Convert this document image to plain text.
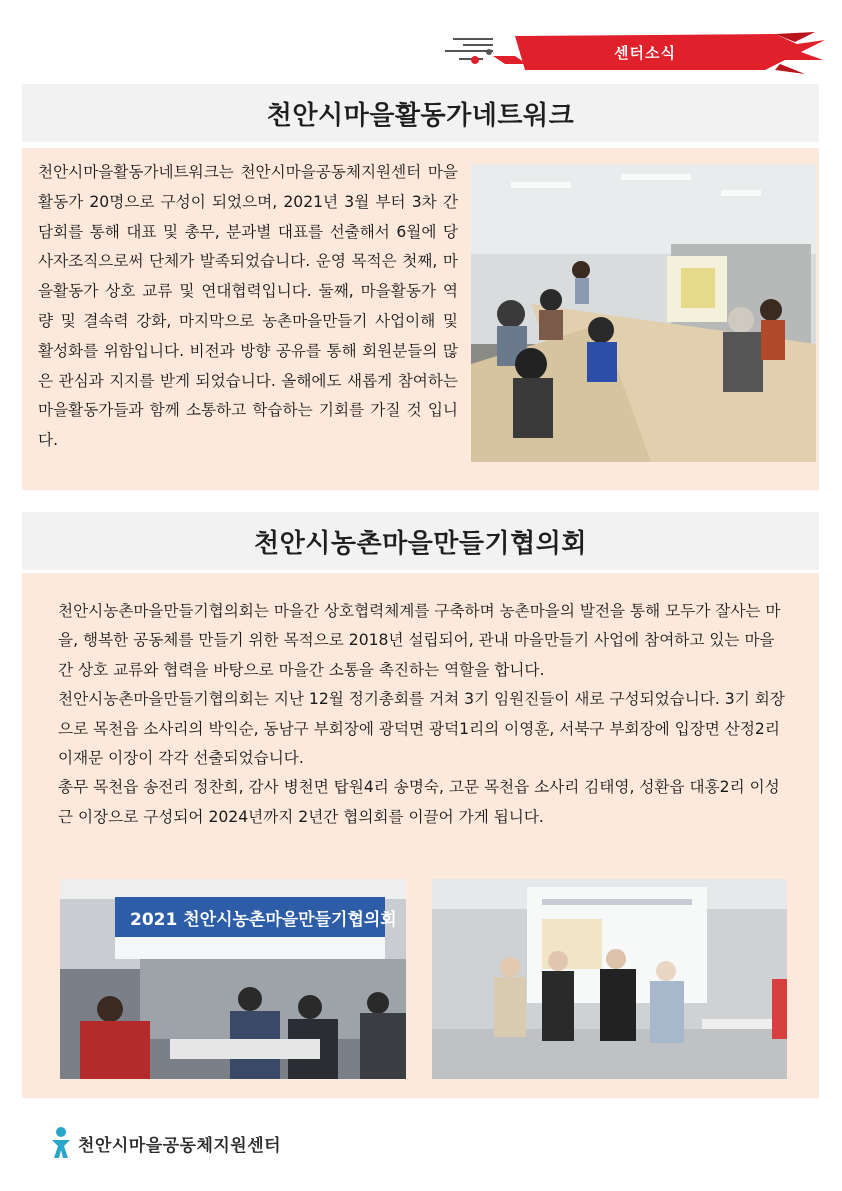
센터소식
천안시마을활동가네트워크

천안시마을활동가네트워크는 천안시마을공동체지원센터 마을활동가 20명으로 구성이 되었으며, 2021년 3월 부터 3차 간담회를 통해 대표 및 총무, 분과별 대표를 선출해서 6월에 당사자조직으로써 단체가 발족되었습니다. 운영 목적은 첫째, 마을활동가 상호 교류 및 연대협력입니다. 둘째, 마을활동가 역량 및 결속력 강화, 마지막으로 농촌마을만들기 사업이해 및 활성화를 위함입니다. 비전과 방향 공유를 통해 회원분들의 많은 관심과 지지를 받게 되었습니다. 올해에도 새롭게 참여하는 마을활동가들과 함께 소통하고 학습하는 기회를 가질 것 입니다.

천안시농촌마을만들기협의회

천안시농촌마을만들기협의회는 마을간 상호협력체계를 구축하며 농촌마을의 발전을 통해 모두가 잘사는 마을, 행복한 공동체를 만들기 위한 목적으로 2018년 설립되어, 관내 마을만들기 사업에 참여하고 있는 마을 간 상호 교류와 협력을 바탕으로 마을간 소통을 촉진하는 역할을 합니다.

천안시농촌마을만들기협의회는 지난 12월 정기총회를 거쳐 3기 임원진들이 새로 구성되었습니다. 3기 회장으로 목천읍 소사리의 박익순, 동남구 부회장에 광덕면 광덕1리의 이영훈, 서북구 부회장에 입장면 산정2리 이재문 이장이 각각 선출되었습니다.

총무 목천읍 송전리 정찬희, 감사 병천면 탑원4리 송명숙, 고문 목천읍 소사리 김태영, 성환읍 대홍2리 이성근 이장으로 구성되어 2024년까지 2년간 협의회를 이끌어 가게 됩니다.

2021 천안시농촌마을만들기협의회
천안시마을공동체지원센터
